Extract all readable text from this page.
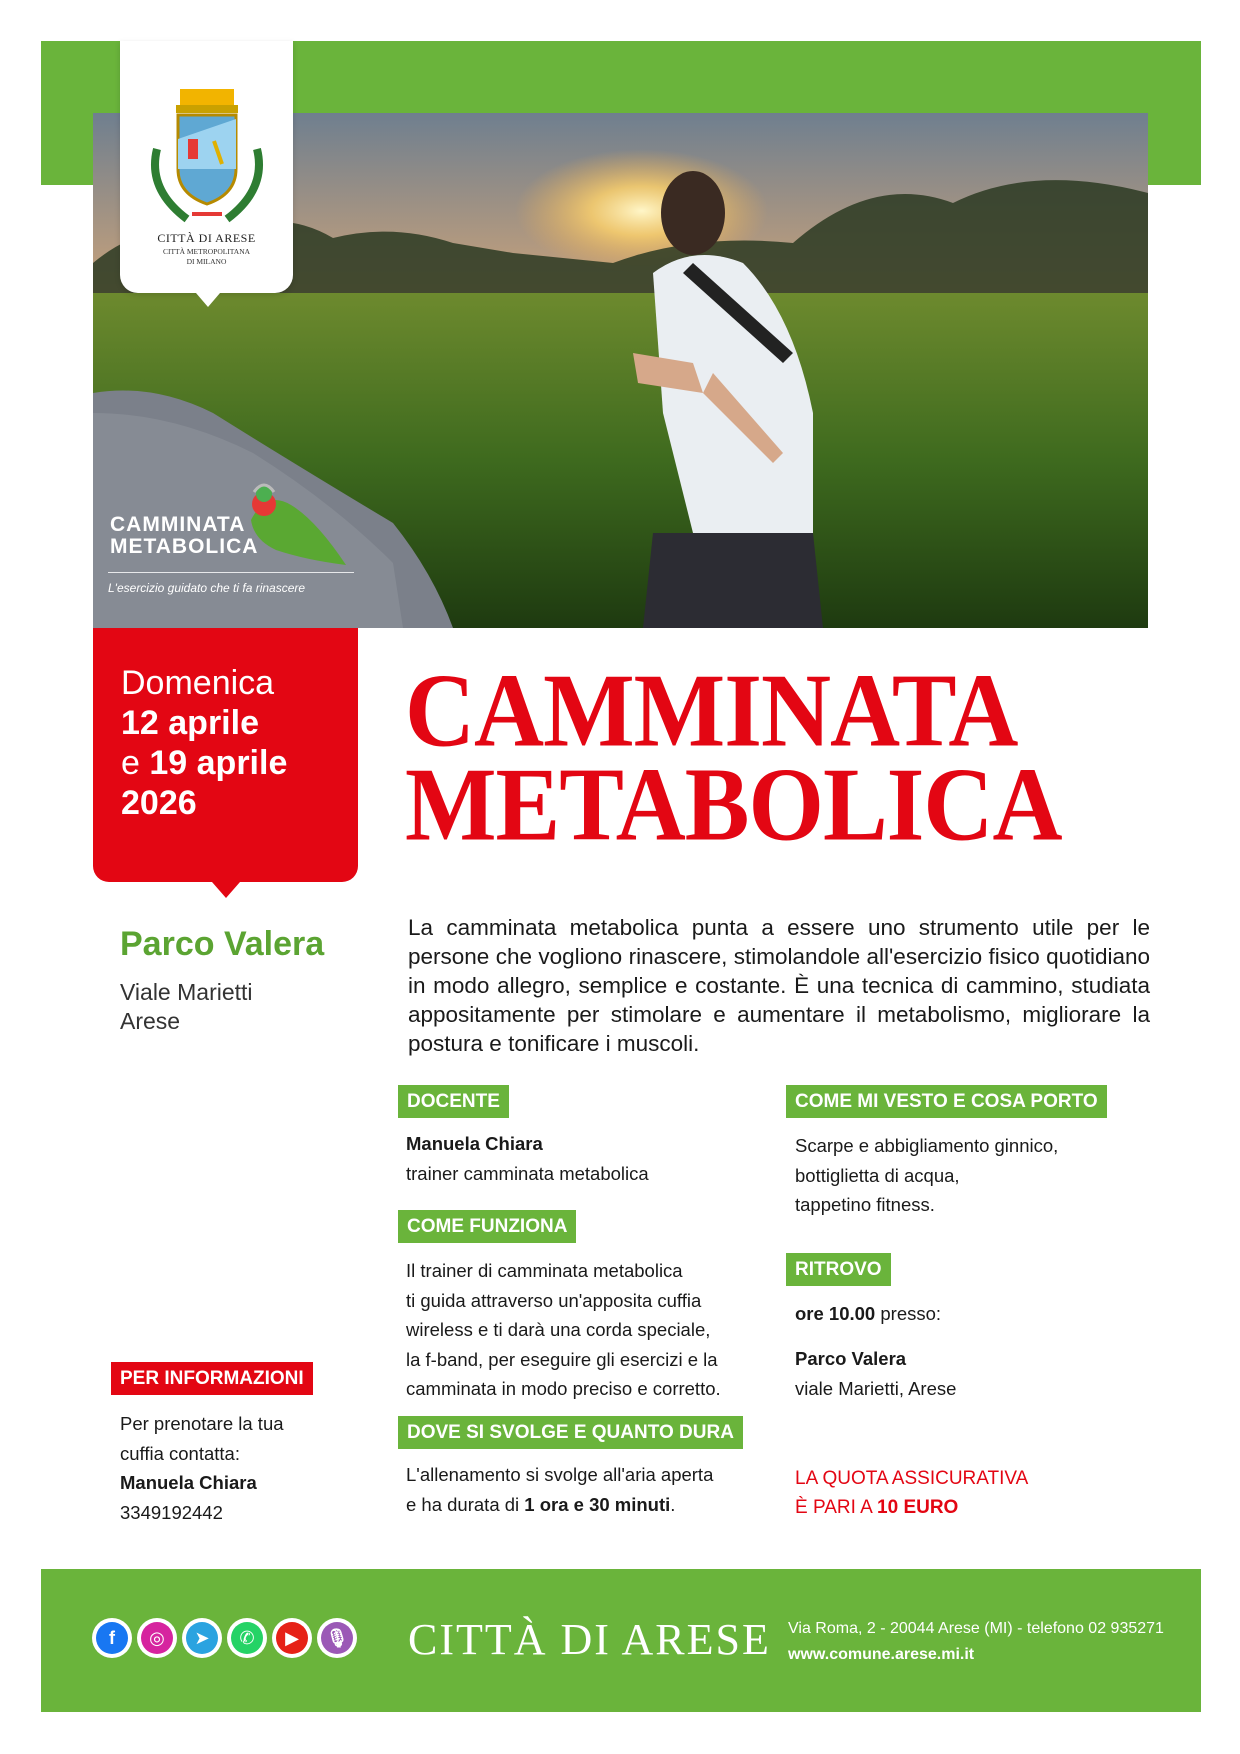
CITTÀ DI ARESE
CITTÀ METROPOLITANA
DI MILANO
CAMMINATA
METABOLICA
L'esercizio guidato che ti fa rinascere
Domenica
12 aprile
e 19 aprile
2026
CAMMINATA
METABOLICA
Parco Valera
Viale Marietti
Arese
La camminata metabolica punta a essere uno strumento utile per le persone che vogliono rinascere, stimolandole all'esercizio fisico quotidiano in modo allegro, semplice e costante. È una tecnica di cammino, studiata appositamente per stimolare e aumentare il metabolismo, migliorare la postura e tonificare i muscoli.
DOCENTE
Manuela Chiara
trainer camminata metabolica
COME FUNZIONA
Il trainer di camminata metabolica
ti guida attraverso un'apposita cuffia
wireless e ti darà una corda speciale,
la f-band, per eseguire gli esercizi e la
camminata in modo preciso e corretto.
DOVE SI SVOLGE E QUANTO DURA
L'allenamento si svolge all'aria aperta
e ha durata di 1 ora e 30 minuti.
COME MI VESTO E COSA PORTO
Scarpe e abbigliamento ginnico,
bottiglietta di acqua,
tappetino fitness.
RITROVO
ore 10.00 presso:
Parco Valera
viale Marietti, Arese
LA QUOTA ASSICURATIVA
È PARI A 10 EURO
PER INFORMAZIONI
Per prenotare la tua
cuffia contatta:
Manuela Chiara
3349192442
f	◎	➤	✆	▶	🎙 CITTÀ DI ARESE Via Roma, 2 - 20044 Arese (MI) - telefono 02 935271
www.comune.arese.mi.it
